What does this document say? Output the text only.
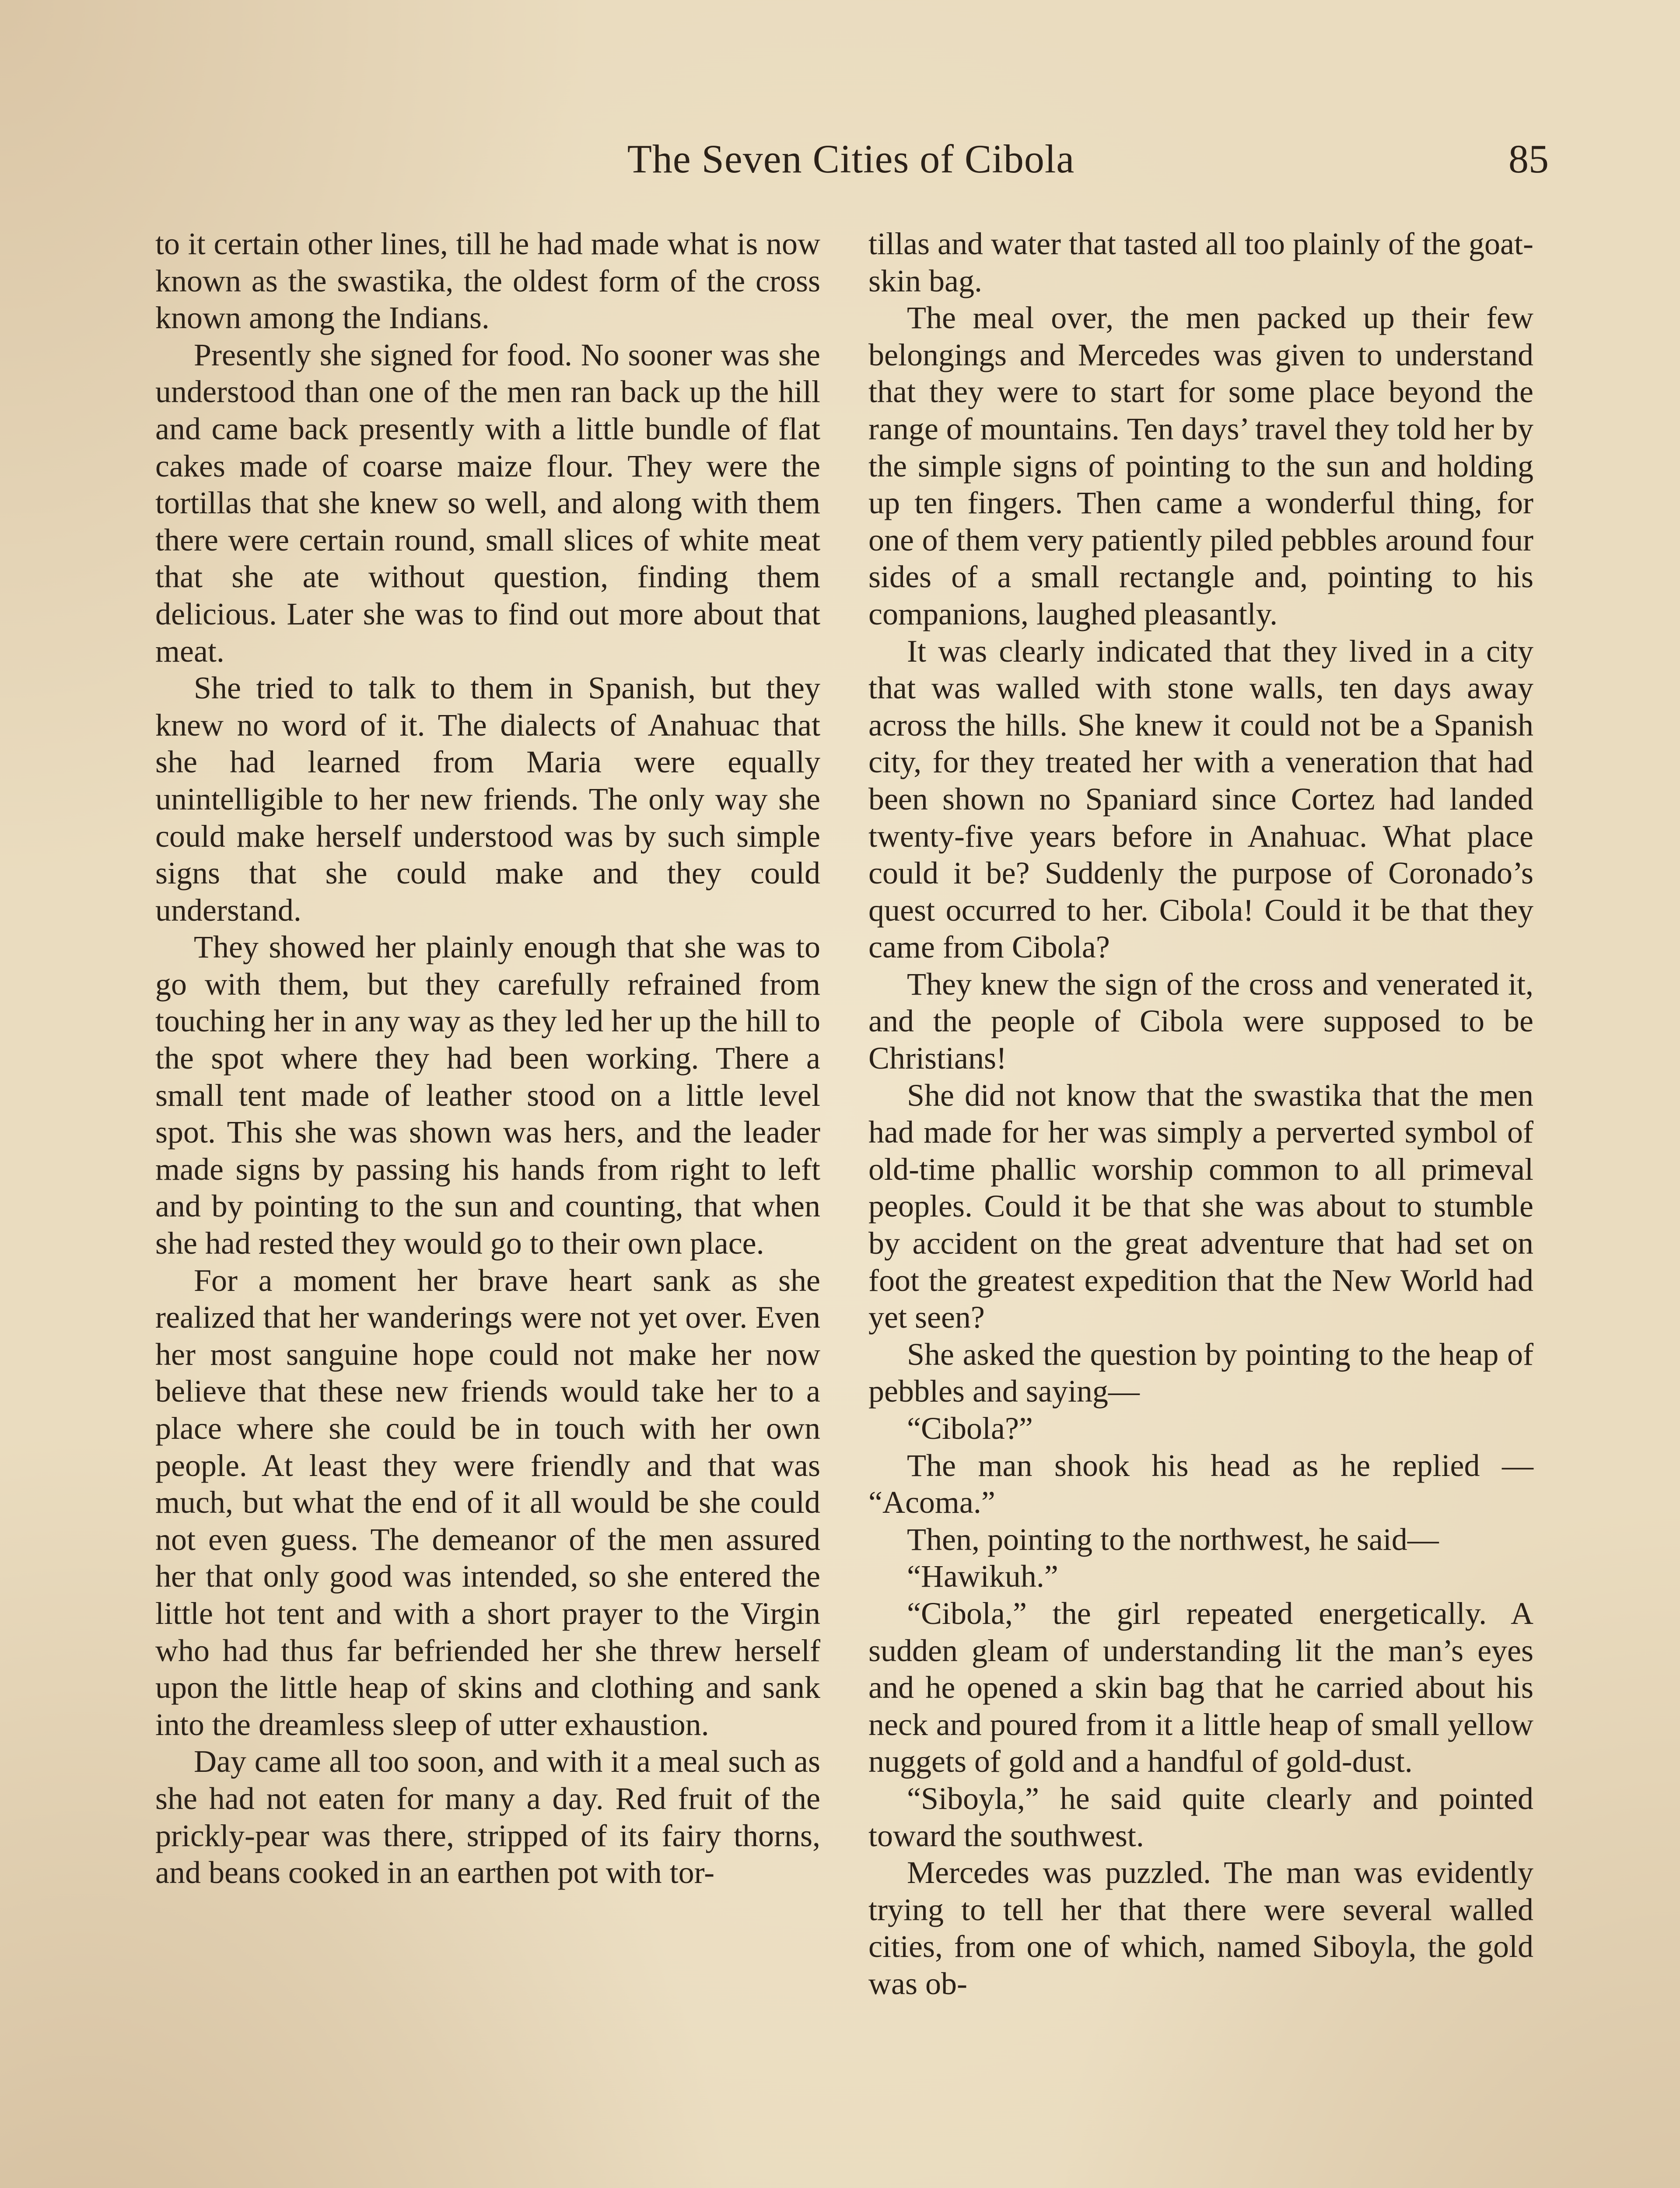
The Seven Cities of Cibola	85

to it certain other lines, till he had made what is now known as the swastika, the oldest form of the cross known among the Indians.

Presently she signed for food. No sooner was she understood than one of the men ran back up the hill and came back presently with a little bundle of flat cakes made of coarse maize flour. They were the tortillas that she knew so well, and along with them there were certain round, small slices of white meat that she ate without question, finding them delicious. Later she was to find out more about that meat.

She tried to talk to them in Spanish, but they knew no word of it. The dialects of Anahuac that she had learned from Maria were equally unintelligible to her new friends. The only way she could make herself understood was by such simple signs that she could make and they could understand.

They showed her plainly enough that she was to go with them, but they carefully refrained from touching her in any way as they led her up the hill to the spot where they had been working. There a small tent made of leather stood on a little level spot. This she was shown was hers, and the leader made signs by passing his hands from right to left and by pointing to the sun and counting, that when she had rested they would go to their own place.

For a moment her brave heart sank as she realized that her wanderings were not yet over. Even her most sanguine hope could not make her now believe that these new friends would take her to a place where she could be in touch with her own people. At least they were friendly and that was much, but what the end of it all would be she could not even guess. The demeanor of the men assured her that only good was intended, so she entered the little hot tent and with a short prayer to the Virgin who had thus far befriended her she threw herself upon the little heap of skins and clothing and sank into the dreamless sleep of utter exhaustion.

Day came all too soon, and with it a meal such as she had not eaten for many a day. Red fruit of the prickly-pear was there, stripped of its fairy thorns, and beans cooked in an earthen pot with tor-

tillas and water that tasted all too plainly of the goat-skin bag.

The meal over, the men packed up their few belongings and Mercedes was given to understand that they were to start for some place beyond the range of mountains. Ten days’ travel they told her by the simple signs of pointing to the sun and holding up ten fingers. Then came a wonderful thing, for one of them very patiently piled pebbles around four sides of a small rectangle and, pointing to his companions, laughed pleasantly.

It was clearly indicated that they lived in a city that was walled with stone walls, ten days away across the hills. She knew it could not be a Spanish city, for they treated her with a veneration that had been shown no Spaniard since Cortez had landed twenty-five years before in Anahuac. What place could it be? Suddenly the purpose of Coronado’s quest occurred to her. Cibola! Could it be that they came from Cibola?

They knew the sign of the cross and venerated it, and the people of Cibola were supposed to be Christians!

She did not know that the swastika that the men had made for her was simply a perverted symbol of old-time phallic worship common to all primeval peoples. Could it be that she was about to stumble by accident on the great adventure that had set on foot the greatest expedition that the New World had yet seen?

She asked the question by pointing to the heap of pebbles and saying—

“Cibola?”

The man shook his head as he replied — “Acoma.”

Then, pointing to the northwest, he said—

“Hawikuh.”

“Cibola,” the girl repeated energetically. A sudden gleam of understanding lit the man’s eyes and he opened a skin bag that he carried about his neck and poured from it a little heap of small yellow nuggets of gold and a handful of gold-dust.

“Siboyla,” he said quite clearly and pointed toward the southwest.

Mercedes was puzzled. The man was evidently trying to tell her that there were several walled cities, from one of which, named Siboyla, the gold was ob-
